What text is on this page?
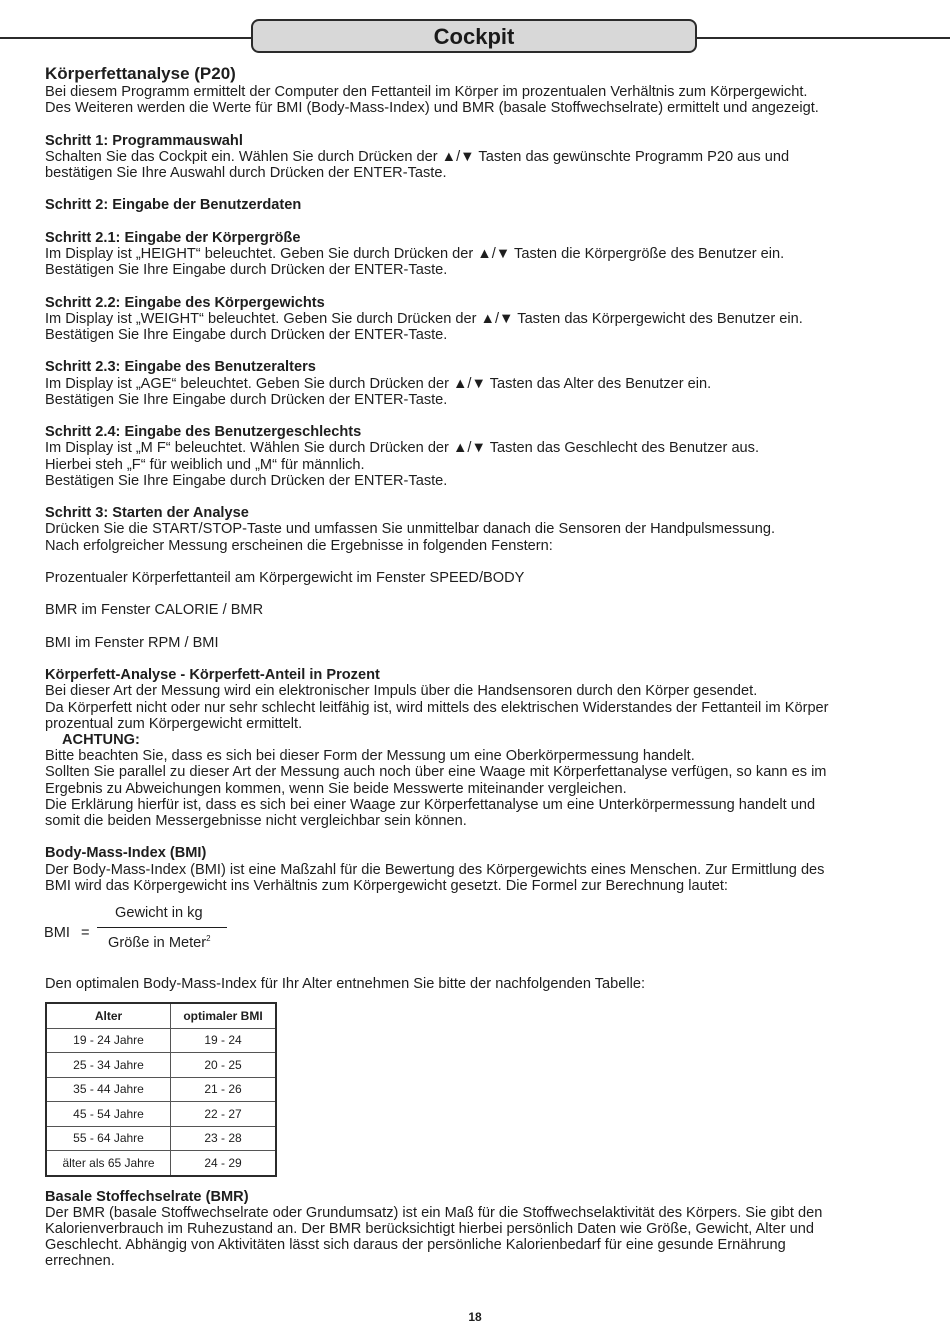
Cockpit

Körperfettanalyse (P20)

Bei diesem Programm ermittelt der Computer den Fettanteil im Körper im prozentualen Verhältnis zum Körpergewicht.

Des Weiteren werden die Werte für BMI (Body-Mass-Index) und BMR (basale Stoffwechselrate) ermittelt und angezeigt.

Schritt 1: Programmauswahl

Schalten Sie das Cockpit ein. Wählen Sie durch Drücken der ▲/▼ Tasten das gewünschte Programm P20 aus und

bestätigen Sie Ihre Auswahl durch Drücken der ENTER-Taste.

Schritt 2: Eingabe der Benutzerdaten

Schritt 2.1: Eingabe der Körpergröße

Im Display ist „HEIGHT“ beleuchtet. Geben Sie durch Drücken der ▲/▼ Tasten die Körpergröße des Benutzer ein.

Bestätigen Sie Ihre Eingabe durch Drücken der ENTER-Taste.

Schritt 2.2: Eingabe des Körpergewichts

Im Display ist „WEIGHT“ beleuchtet. Geben Sie durch Drücken der ▲/▼ Tasten das Körpergewicht des Benutzer ein.

Bestätigen Sie Ihre Eingabe durch Drücken der ENTER-Taste.

Schritt 2.3: Eingabe des Benutzeralters

Im Display ist „AGE“ beleuchtet. Geben Sie durch Drücken der ▲/▼ Tasten das Alter des Benutzer ein.

Bestätigen Sie Ihre Eingabe durch Drücken der ENTER-Taste.

Schritt 2.4: Eingabe des Benutzergeschlechts

Im Display ist „M F“ beleuchtet. Wählen Sie durch Drücken der ▲/▼ Tasten das Geschlecht des Benutzer aus.

Hierbei steh „F“ für weiblich und „M“ für männlich.

Bestätigen Sie Ihre Eingabe durch Drücken der ENTER-Taste.

Schritt 3: Starten der Analyse

Drücken Sie die START/STOP-Taste und umfassen Sie unmittelbar danach die Sensoren der Handpulsmessung.

Nach erfolgreicher Messung erscheinen die Ergebnisse in folgenden Fenstern:

Prozentualer Körperfettanteil am Körpergewicht im Fenster SPEED/BODY

BMR im Fenster CALORIE / BMR

BMI im Fenster RPM / BMI

Körperfett-Analyse - Körperfett-Anteil in Prozent

Bei dieser Art der Messung wird ein elektronischer Impuls über die Handsensoren durch den Körper gesendet.

Da Körperfett nicht oder nur sehr schlecht leitfähig ist, wird mittels des elektrischen Widerstandes der Fettanteil im Körper

prozentual zum Körpergewicht ermittelt.

ACHTUNG:

Bitte beachten Sie, dass es sich bei dieser Form der Messung um eine Oberkörpermessung handelt.

Sollten Sie parallel zu dieser Art der Messung auch noch über eine Waage mit Körperfettanalyse verfügen, so kann es im

Ergebnis zu Abweichungen kommen, wenn Sie beide Messwerte miteinander vergleichen.

Die Erklärung hierfür ist, dass es sich bei einer Waage zur Körperfettanalyse um eine Unterkörpermessung handelt und

somit die beiden Messergebnisse nicht vergleichbar sein können.

Body-Mass-Index (BMI)

Der Body-Mass-Index (BMI) ist eine Maßzahl für die Bewertung des Körpergewichts eines Menschen. Zur Ermittlung des

BMI wird das Körpergewicht ins Verhältnis zum Körpergewicht gesetzt. Die Formel zur Berechnung lautet:

BMI =
Gewicht in kg
Größe in Meter$^2$

Den optimalen Body-Mass-Index für Ihr Alter entnehmen Sie bitte der nachfolgenden Tabelle:

Alter	optimaler BMI
19 - 24 Jahre	19 - 24
25 - 34 Jahre	20 - 25
35 - 44 Jahre	21 - 26
45 - 54 Jahre	22 - 27
55 - 64 Jahre	23 - 28
älter als 65 Jahre	24 - 29

Basale Stoffechselrate (BMR)

Der BMR (basale Stoffwechselrate oder Grundumsatz) ist ein Maß für die Stoffwechselaktivität des Körpers. Sie gibt den

Kalorienverbrauch im Ruhezustand an. Der BMR berücksichtigt hierbei persönlich Daten wie Größe, Gewicht, Alter und

Geschlecht. Abhängig von Aktivitäten lässt sich daraus der persönliche Kalorienbedarf für eine gesunde Ernährung

errechnen.

18
